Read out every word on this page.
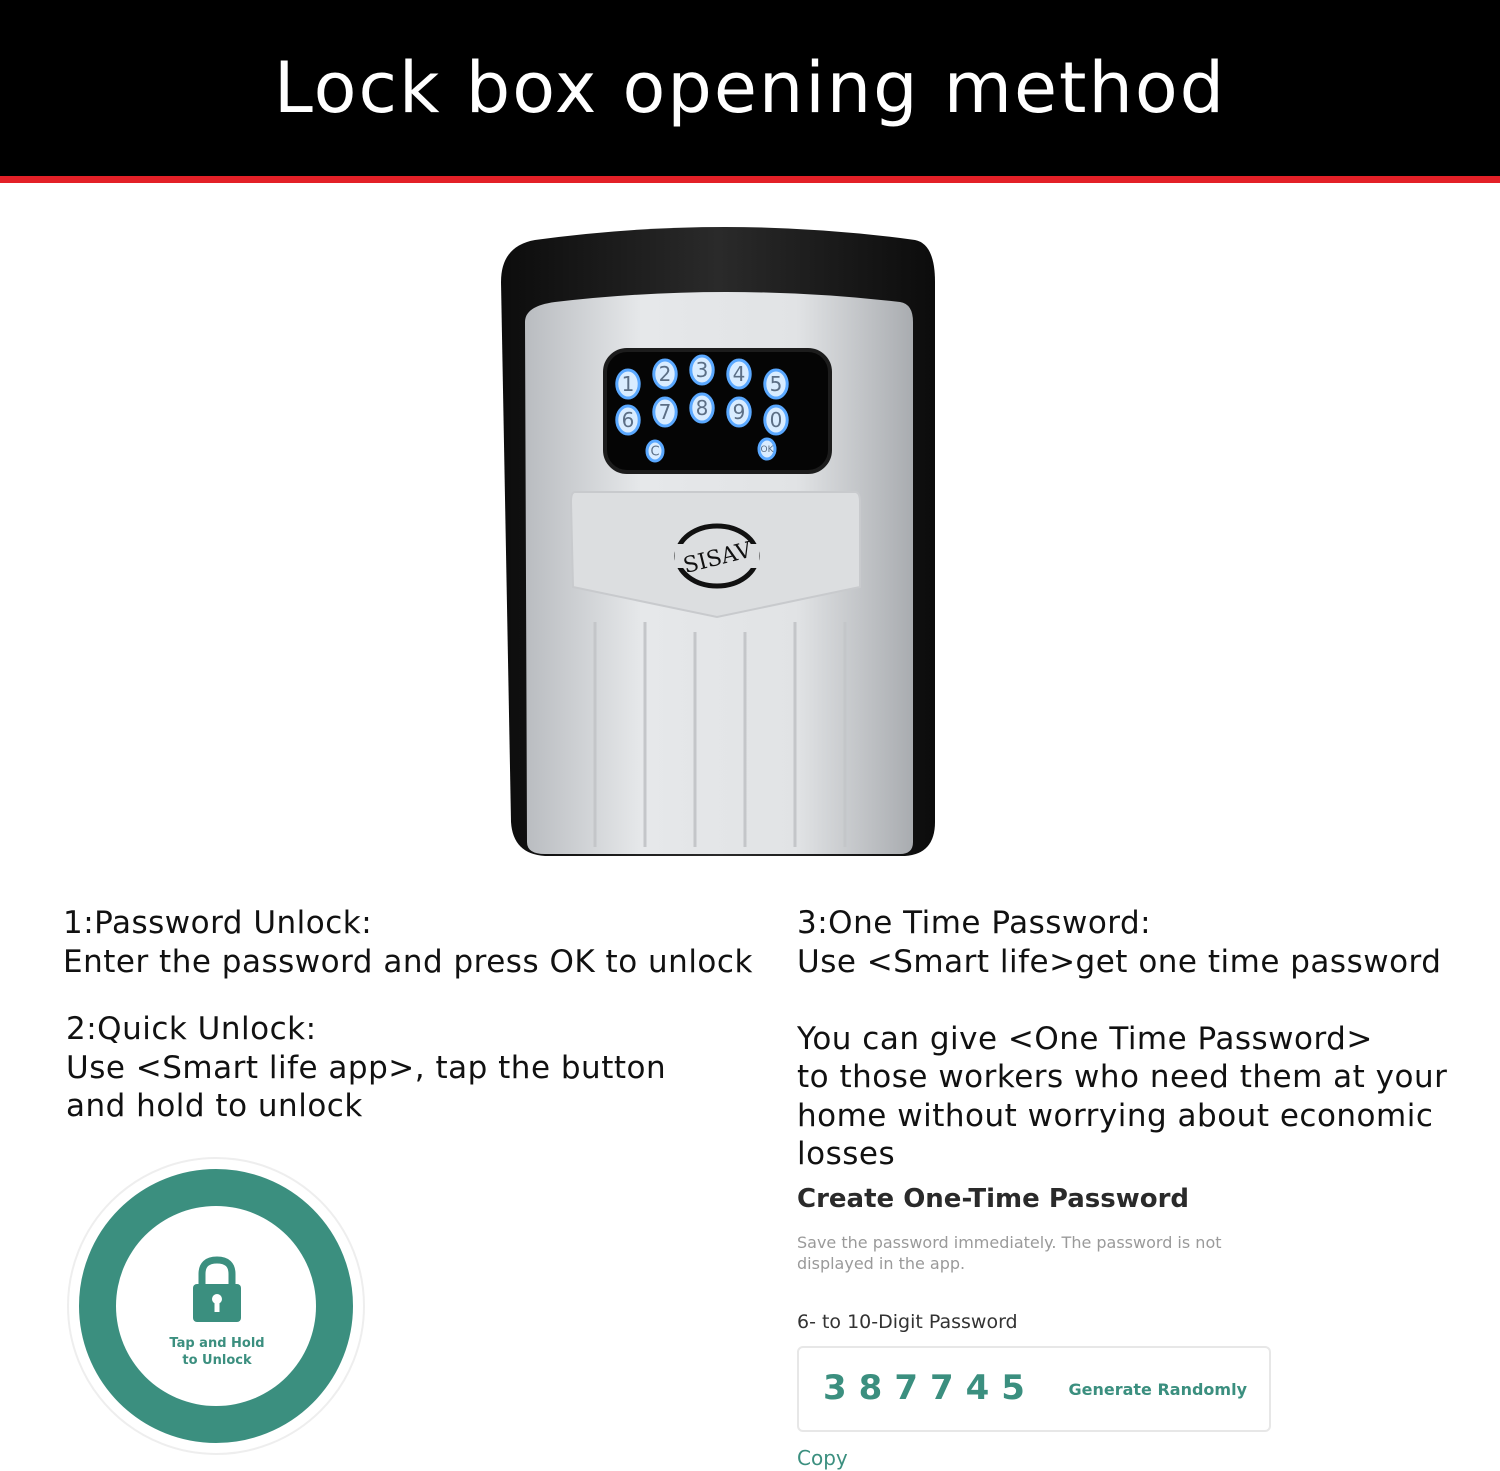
Lock box opening method
1 2 3 4 5
6 7 8 9 0
C	OK
SISAV
1:Password Unlock:
Enter the password and press OK to unlock
2:Quick Unlock:
Use <Smart life app>, tap the button
and hold to unlock
3:One Time Password:
Use <Smart life>get one time password
You can give <One Time Password>
to those workers who need them at your
home without worrying about economic
losses
Tap and Hold
to Unlock
Create One-Time Password
Save the password immediately. The password is not displayed in the app.
6- to 10-Digit Password
387745 Generate Randomly
Copy
